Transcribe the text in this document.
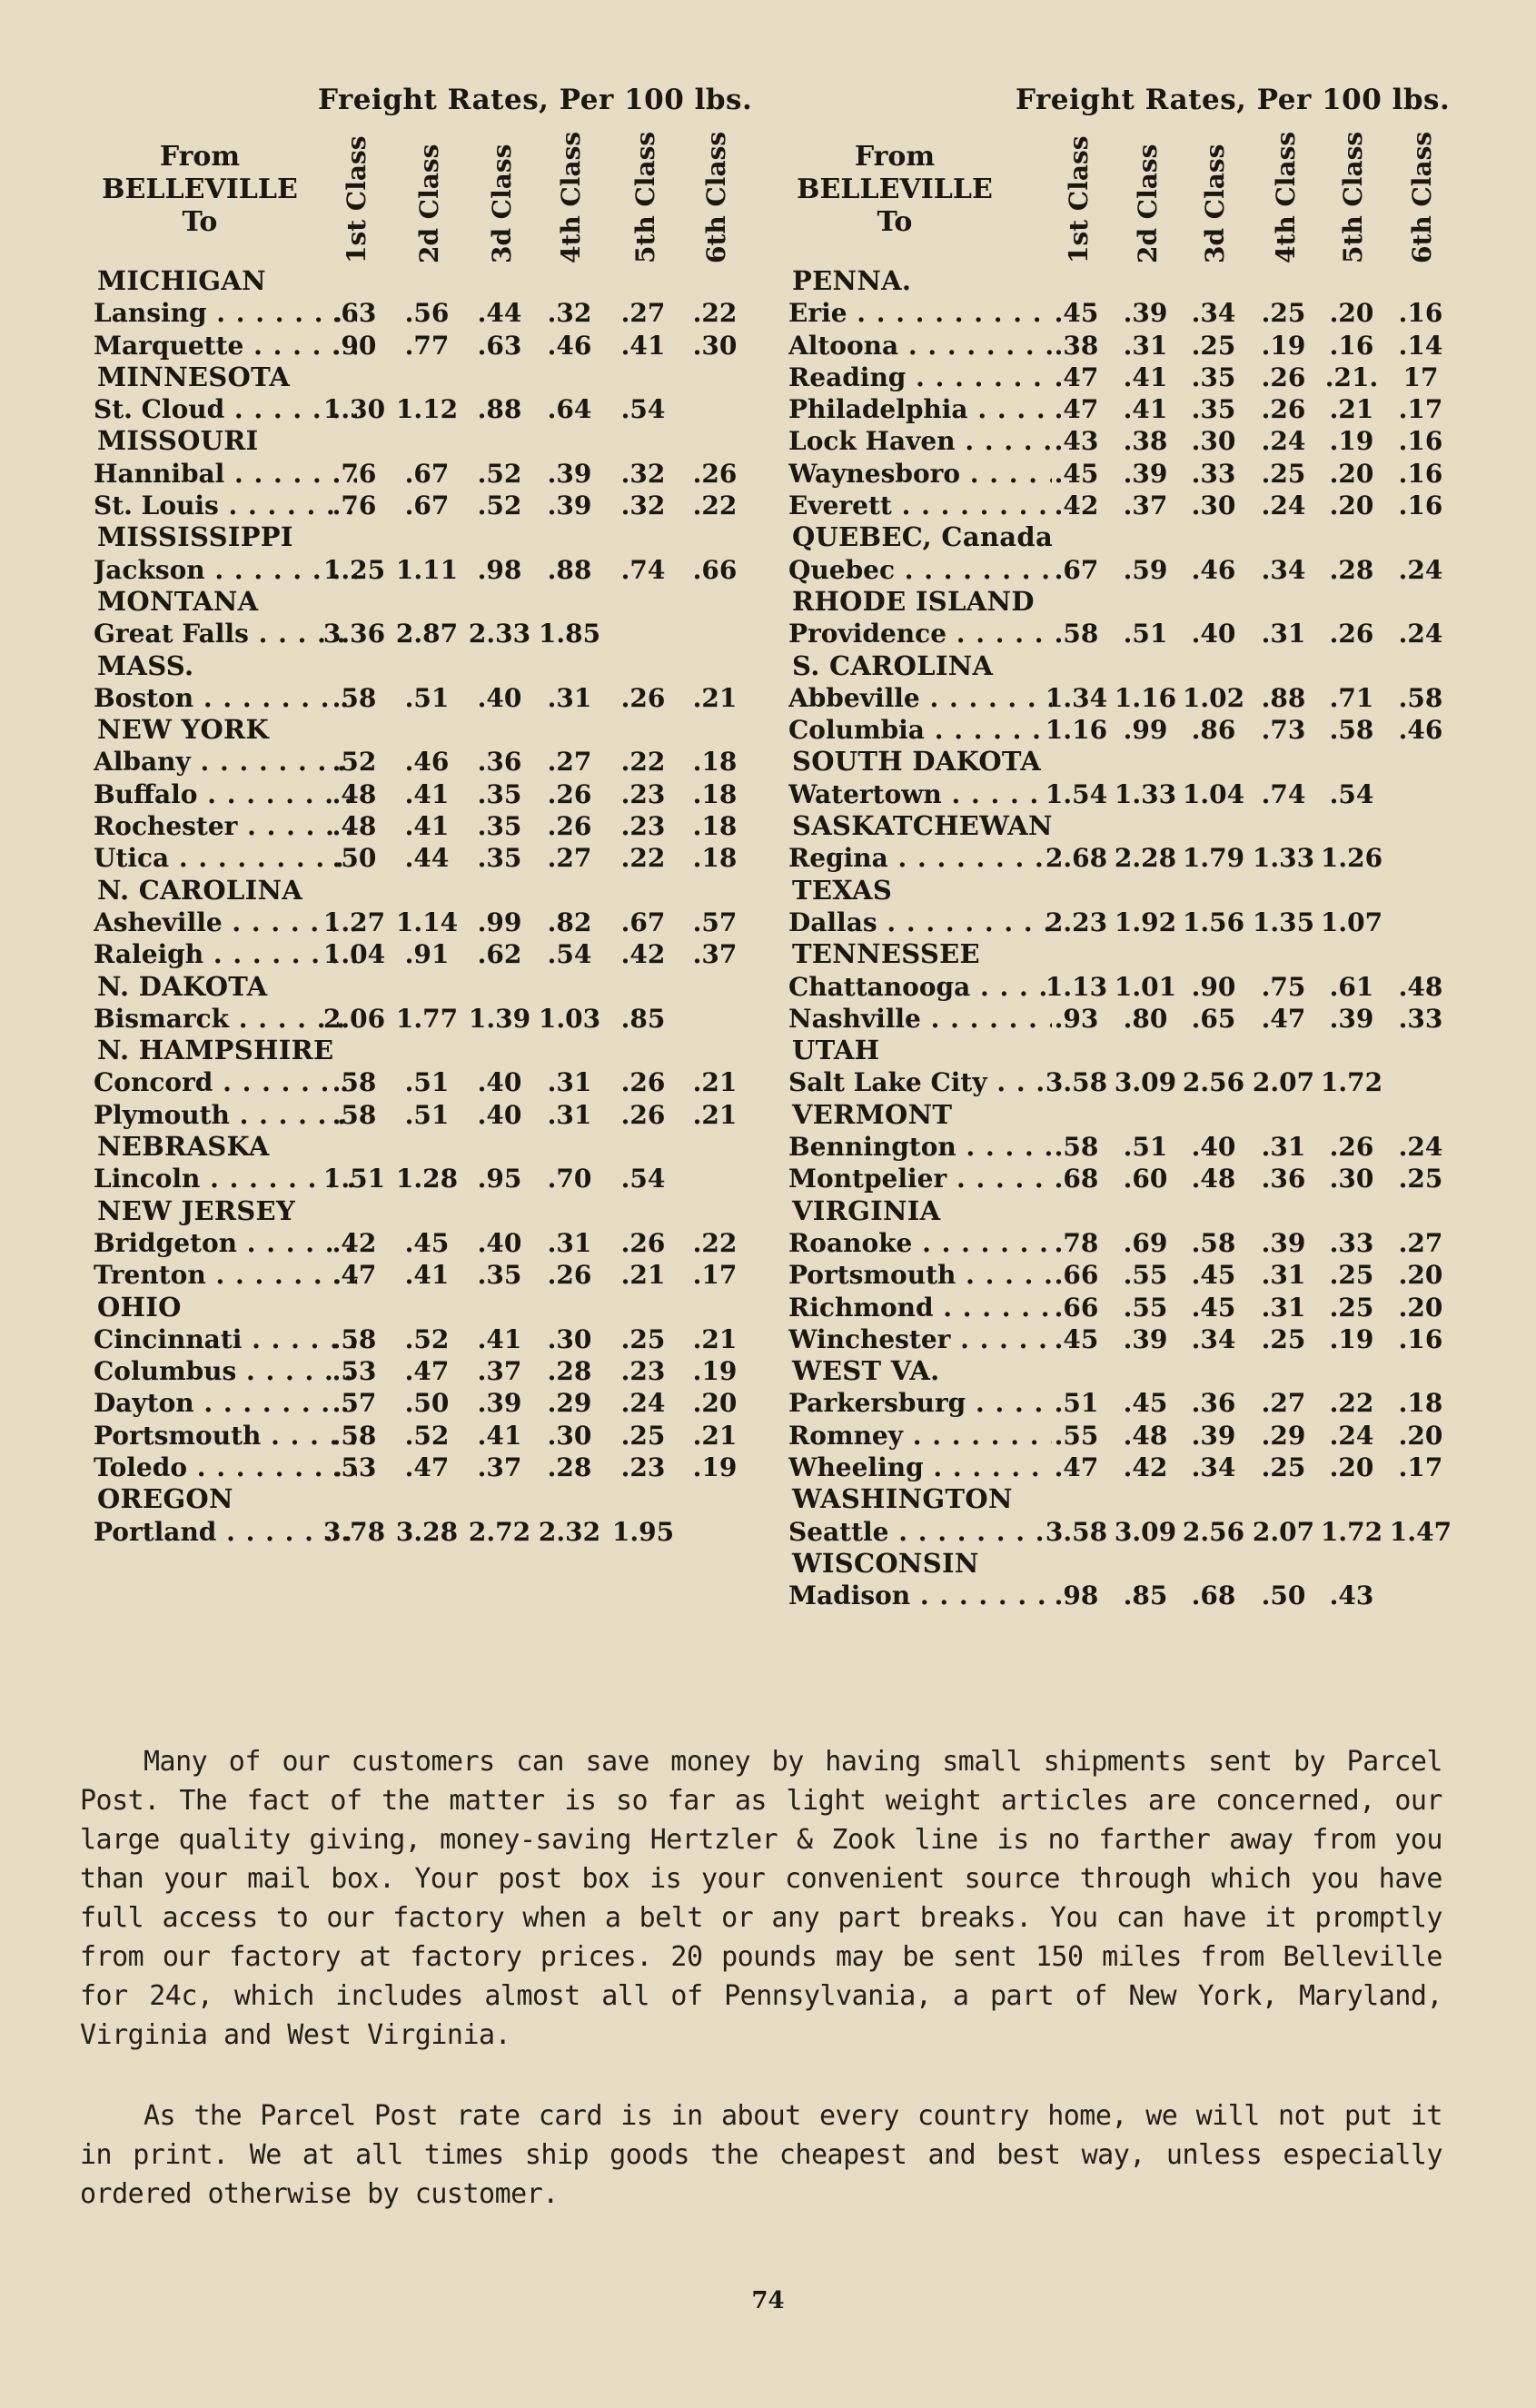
Freight Rates, Per 100 lbs.
From
BELLEVILLE
To	1st Class	2d Class	3d Class	4th Class	5th Class	6th Class
MICHIGAN
Lansing . . .	.63	.56	.44	.32	.27	.22
Marquette . . .	.90	.77	.63	.46	.41	.30
MINNESOTA
St. Cloud . . .	1.30 1.12 .88	.64	.54
MISSOURI
Hannibal . . .	.76	.67	.52	.39	.32	.26
St. Louis . . .	.76	.67	.52	.39	.32	.22
MISSISSIPPI
Jackson . . .	1.25 1.11 .98	.88	.74	.66
MONTANA
Great Falls . . .	3.36 2.87 2.33 1.85
MASS.
Boston . . .	.58	.51	.40	.31	.26	.21
NEW YORK
Albany . . .	.52	.46	.36	.27	.22	.18
Buffalo . . .	.48	.41	.35	.26	.23	.18
Rochester . . .	.48	.41	.35	.26	.23	.18
Utica . . .	.50	.44	.35	.27	.22	.18
N. CAROLINA
Asheville . . .	1.27 1.14 .99	.82	.67	.57
Raleigh . . .	1.04 .91	.62	.54	.42	.37
N. DAKOTA
Bismarck . . .	2.06 1.77 1.39 1.03 .85
N. HAMPSHIRE
Concord . . .	.58	.51	.40	.31	.26	.21
Plymouth . . .	.58	.51	.40	.31	.26	.21
NEBRASKA
Lincoln . . .	1.51 1.28 .95	.70	.54
NEW JERSEY
Bridgeton . . .	.42	.45	.40	.31	.26	.22
Trenton . . .	.47	.41	.35	.26	.21	.17
OHIO
Cincinnati . . .	.58	.52	.41	.30	.25	.21
Columbus . . .	.53	.47	.37	.28	.23	.19
Dayton . . .	.57	.50	.39	.29	.24	.20
Portsmouth . . .	.58	.52	.41	.30	.25	.21
Toledo . . .	.53	.47	.37	.28	.23	.19
OREGON
Portland . . .	3.78 3.28 2.72 2.32 1.95
Freight Rates, Per 100 lbs.
From
BELLEVILLE
To	1st Class	2d Class	3d Class	4th Class	5th Class	6th Class
PENNA.
Erie . . .	.45 .39 .34	.25 .20 .16
Altoona . . .	.38 .31 .25	.19 .16 .14
Reading . . .	.47 .41 .35	.26 .21. 17
Philadelphia . . .	.47 .41 .35	.26 .21 .17
Lock Haven . . .	.43 .38 .30	.24 .19 .16
Waynesboro . . .	.45 .39 .33	.25 .20 .16
Everett . . .	.42 .37 .30	.24 .20 .16
QUEBEC, Canada
Quebec . . .	.67 .59 .46	.34 .28 .24
RHODE ISLAND
Providence . . .	.58 .51 .40	.31 .26 .24
S. CAROLINA
Abbeville . . .	1.34 1.16 1.02 .88 .71 .58
Columbia . . .	1.16 .99 .86	.73 .58 .46
SOUTH DAKOTA
Watertown . . .	1.54 1.33 1.04 .74 .54
SASKATCHEWAN
Regina . . .	2.68 2.28 1.79 1.33 1.26
TEXAS
Dallas . . .	2.23 1.92 1.56 1.35 1.07
TENNESSEE
Chattanooga . . .	1.13 1.01 .90	.75 .61 .48
Nashville . . .	.93 .80 .65	.47 .39 .33
UTAH
Salt Lake City . . .	3.58 3.09 2.56 2.07 1.72
VERMONT
Bennington . . .	.58 .51 .40	.31 .26 .24
Montpelier . . .	.68 .60 .48	.36 .30 .25
VIRGINIA
Roanoke . . .	.78 .69 .58	.39 .33 .27
Portsmouth . . .	.66 .55 .45	.31 .25 .20
Richmond . . .	.66 .55 .45	.31 .25 .20
Winchester . . .	.45 .39 .34	.25 .19 .16
WEST VA.
Parkersburg . . .	.51 .45 .36	.27 .22 .18
Romney . . .	.55 .48 .39	.29 .24 .20
Wheeling . . .	.47 .42 .34	.25 .20 .17
WASHINGTON
Seattle . . .	3.58 3.09 2.56 2.07 1.72 1.47
WISCONSIN
Madison . . .	.98 .85 .68	.50 .43

Many of our customers can save money by having small shipments sent by Parcel Post. The fact of the matter is so far as light weight articles are concerned, our large quality giving, money-saving Hertzler & Zook line is no farther away from you than your mail box. Your post box is your convenient source through which you have full access to our factory when a belt or any part breaks. You can have it promptly from our factory at factory prices. 20 pounds may be sent 150 miles from Belleville for 24c, which includes almost all of Pennsylvania, a part of New York, Maryland, Virginia and West Virginia.

As the Parcel Post rate card is in about every country home, we will not put it in print. We at all times ship goods the cheapest and best way, unless especially ordered otherwise by customer.

74
